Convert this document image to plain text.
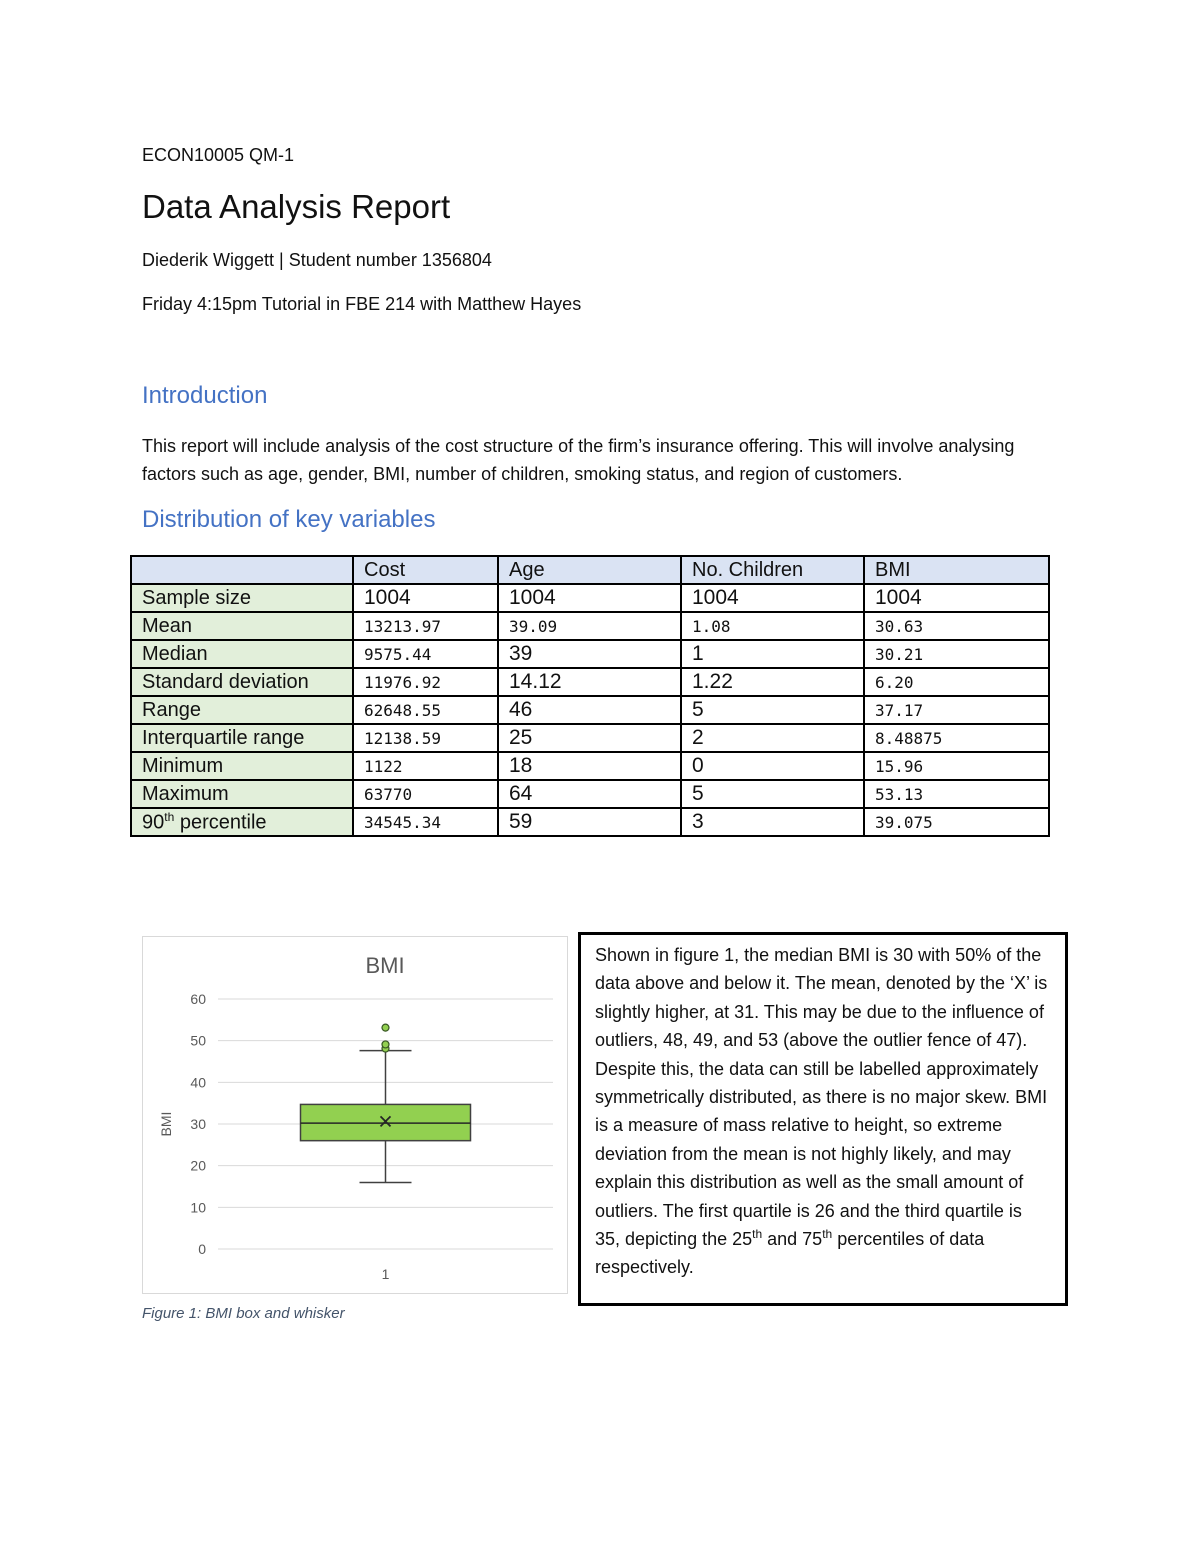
ECON10005 QM-1
Data Analysis Report
Diederik Wiggett | Student number 1356804
Friday 4:15pm Tutorial in FBE 214 with Matthew Hayes
Introduction
This report will include analysis of the cost structure of the firm’s insurance offering. This will involve analysing factors such as age, gender, BMI, number of children, smoking status, and region of customers.
Distribution of key variables
	Cost	Age	No. Children	BMI
Sample size	1004	1004	1004	1004
Mean	13213.97	39.09	1.08	30.63
Median	9575.44	39	1	30.21
Standard deviation	11976.92	14.12	1.22	6.20
Range	62648.55	46	5	37.17
Interquartile range	12138.59	25	2	8.48875
Minimum	1122	18	0	15.96
Maximum	63770	64	5	53.13
90th percentile	34545.34	59	3	39.075
BMI
0
10
20
30
40
50
60
BMI
1
Figure 1: BMI box and whisker
Shown in figure 1, the median BMI is 30 with 50% of the data above and below it. The mean, denoted by the ‘X’ is slightly higher, at 31. This may be due to the influence of outliers, 48, 49, and 53 (above the outlier fence of 47). Despite this, the data can still be labelled approximately symmetrically distributed, as there is no major skew. BMI is a measure of mass relative to height, so extreme deviation from the mean is not highly likely, and may explain this distribution as well as the small amount of outliers. The first quartile is 26 and the third quartile is 35, depicting the 25th and 75th percentiles of data respectively.
